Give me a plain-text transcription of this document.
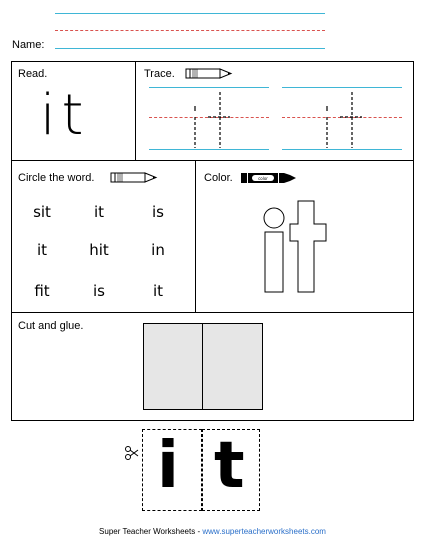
Name:
Read.
it
Trace.
Circle the word.
sit	it	is
it	hit	in
fit	is	it
Color.	color
Cut and glue.
i t
Super Teacher Worksheets - www.superteacherworksheets.com
